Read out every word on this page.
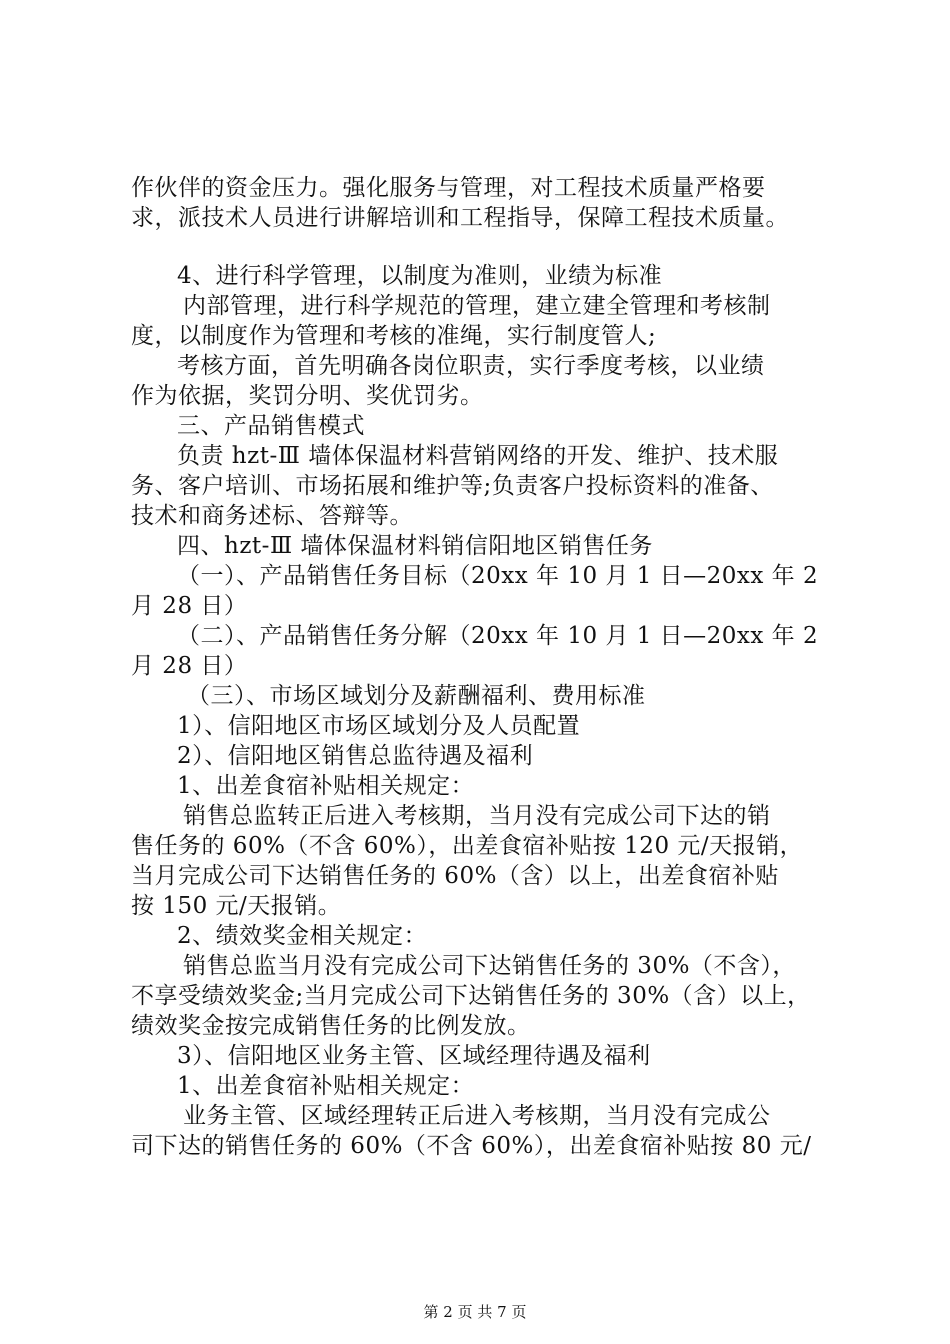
作伙伴的资金压力。强化服务与管理，对工程技术质量严格要
求，派技术人员进行讲解培训和工程指导，保障工程技术质量。
4、进行科学管理，以制度为准则，业绩为标准
内部管理，进行科学规范的管理，建立建全管理和考核制
度，以制度作为管理和考核的准绳，实行制度管人;
考核方面，首先明确各岗位职责，实行季度考核，以业绩
作为依据，奖罚分明、奖优罚劣。
三、产品销售模式
负责 hzt-Ⅲ 墙体保温材料营销网络的开发、维护、技术服
务、客户培训、市场拓展和维护等;负责客户投标资料的准备、
技术和商务述标、答辩等。
四、hzt-Ⅲ 墙体保温材料销信阳地区销售任务
（一）、产品销售任务目标（20xx 年 10 月 1 日—20xx 年 2
月 28 日）
（二）、产品销售任务分解（20xx 年 10 月 1 日—20xx 年 2
月 28 日）
（三）、市场区域划分及薪酬福利、费用标准
1）、信阳地区市场区域划分及人员配置
2）、信阳地区销售总监待遇及福利
1、出差食宿补贴相关规定：
销售总监转正后进入考核期，当月没有完成公司下达的销
售任务的 60%（不含 60%），出差食宿补贴按 120 元/天报销，
当月完成公司下达销售任务的 60%（含）以上，出差食宿补贴
按 150 元/天报销。
2、绩效奖金相关规定：
销售总监当月没有完成公司下达销售任务的 30%（不含），
不享受绩效奖金;当月完成公司下达销售任务的 30%（含）以上，
绩效奖金按完成销售任务的比例发放。
3）、信阳地区业务主管、区域经理待遇及福利
1、出差食宿补贴相关规定：
业务主管、区域经理转正后进入考核期，当月没有完成公
司下达的销售任务的 60%（不含 60%），出差食宿补贴按 80 元/
第 2 页 共 7 页
